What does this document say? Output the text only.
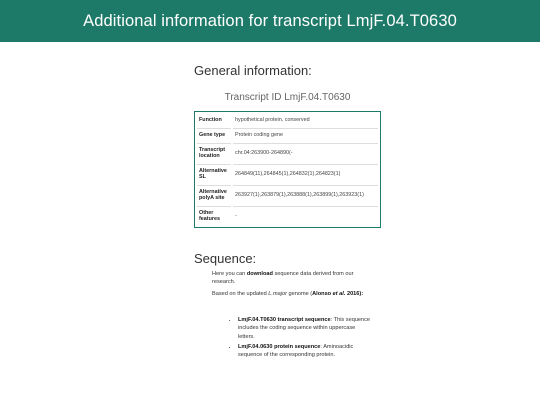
Additional information for transcript LmjF.04.T0630
General information:
Transcript ID LmjF.04.T0630
Function	hypothetical protein, conserved
Gene type	Protein coding gene
Transcript location	chr.04:263900-264890(-
Alternative SL	264849(11),264845(1),264832(1),264823(1)
Alternative polyA site	263927(1),263879(1),263888(1),263899(1),263923(1)
Other features	-
Sequence:

Here you can download sequence data derived from our research.

Based on the updated L.major genome (Alonso et al. 2016):

• LmjF.04.T0630 transcript sequence: This sequence includes the coding sequence within uppercase letters.
• LmjF.04.0630 protein sequence: Aminoacidic sequence of the corresponding protein.
